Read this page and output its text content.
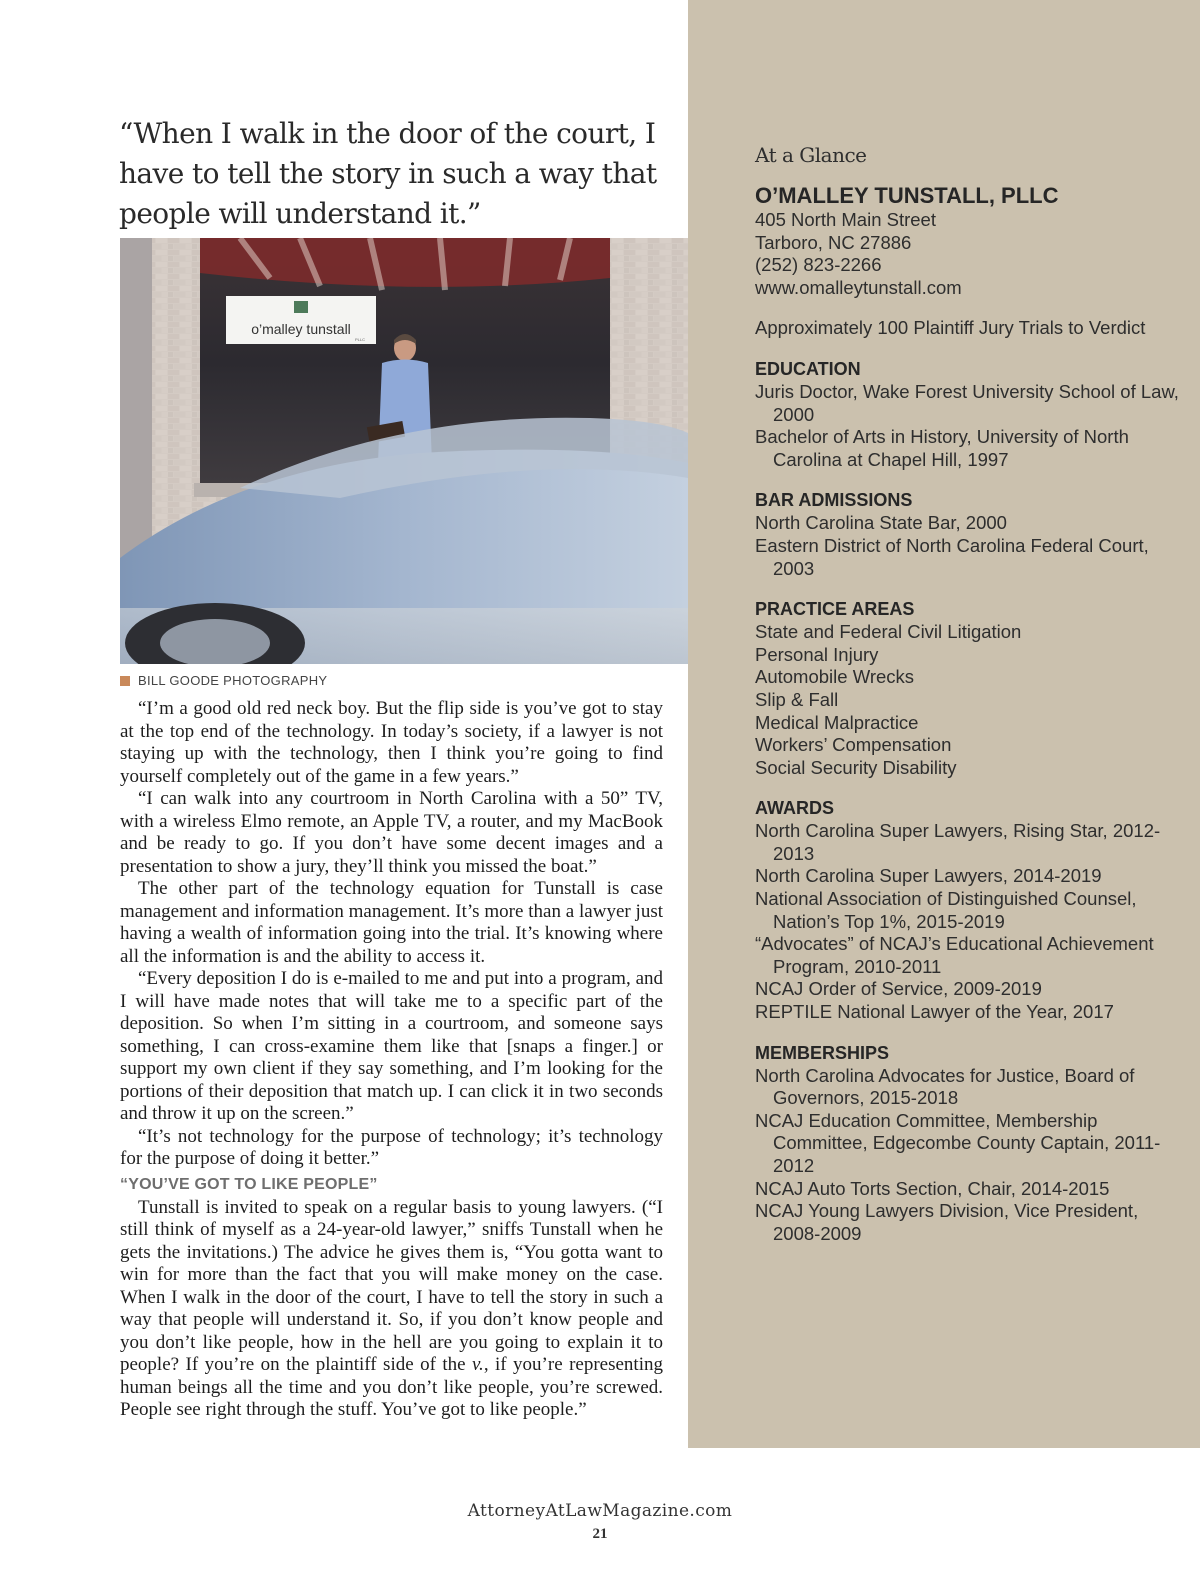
“When I walk in the door of the court, I have to tell the story in such a way that people will understand it.”
o’malley tunstall
PLLC
BILL GOODE PHOTOGRAPHY

“I’m a good old red neck boy. But the flip side is you’ve got to stay at the top end of the technology. In today’s society, if a lawyer is not staying up with the technology, then I think you’re going to find yourself completely out of the game in a few years.”

“I can walk into any courtroom in North Carolina with a 50” TV, with a wireless Elmo remote, an Apple TV, a router, and my MacBook and be ready to go. If you don’t have some decent images and a presentation to show a jury, they’ll think you missed the boat.”

The other part of the technology equation for Tunstall is case management and information management. It’s more than a lawyer just having a wealth of information going into the trial. It’s knowing where all the information is and the ability to access it.

“Every deposition I do is e-mailed to me and put into a program, and I will have made notes that will take me to a specific part of the deposition. So when I’m sitting in a courtroom, and someone says something, I can cross-examine them like that [snaps a finger.] or support my own client if they say something, and I’m looking for the portions of their deposition that match up. I can click it in two seconds and throw it up on the screen.”

“It’s not technology for the purpose of technology; it’s technology for the purpose of doing it better.”

“YOU’VE GOT TO LIKE PEOPLE”

Tunstall is invited to speak on a regular basis to young lawyers. (“I still think of myself as a 24-year-old lawyer,” sniffs Tunstall when he gets the invitations.) The advice he gives them is, “You gotta want to win for more than the fact that you will make money on the case. When I walk in the door of the court, I have to tell the story in such a way that people will understand it. So, if you don’t know people and you don’t like people, how in the hell are you going to explain it to people? If you’re on the plaintiff side of the v., if you’re representing human beings all the time and you don’t like people, you’re screwed. People see right through the stuff. You’ve got to like people.”

At a Glance
O’MALLEY TUNSTALL, PLLC
405 North Main Street
Tarboro, NC 27886
(252) 823-2266
www.omalleytunstall.com
Approximately 100 Plaintiff Jury Trials to Verdict
EDUCATION
Juris Doctor, Wake Forest University School of Law, 2000
Bachelor of Arts in History, University of North Carolina at Chapel Hill, 1997
BAR ADMISSIONS
North Carolina State Bar, 2000
Eastern District of North Carolina Federal Court, 2003
PRACTICE AREAS
State and Federal Civil Litigation
Personal Injury
Automobile Wrecks
Slip & Fall
Medical Malpractice
Workers’ Compensation
Social Security Disability
AWARDS
North Carolina Super Lawyers, Rising Star, 2012-2013
North Carolina Super Lawyers, 2014-2019
National Association of Distinguished Counsel, Nation’s Top 1%, 2015-2019
“Advocates” of NCAJ’s Educational Achievement Program, 2010-2011
NCAJ Order of Service, 2009-2019
REPTILE National Lawyer of the Year, 2017
MEMBERSHIPS
North Carolina Advocates for Justice, Board of Governors, 2015-2018
NCAJ Education Committee, Membership Committee, Edgecombe County Captain, 2011-2012
NCAJ Auto Torts Section, Chair, 2014-2015
NCAJ Young Lawyers Division, Vice President, 2008-2009
AttorneyAtLawMagazine.com
21
